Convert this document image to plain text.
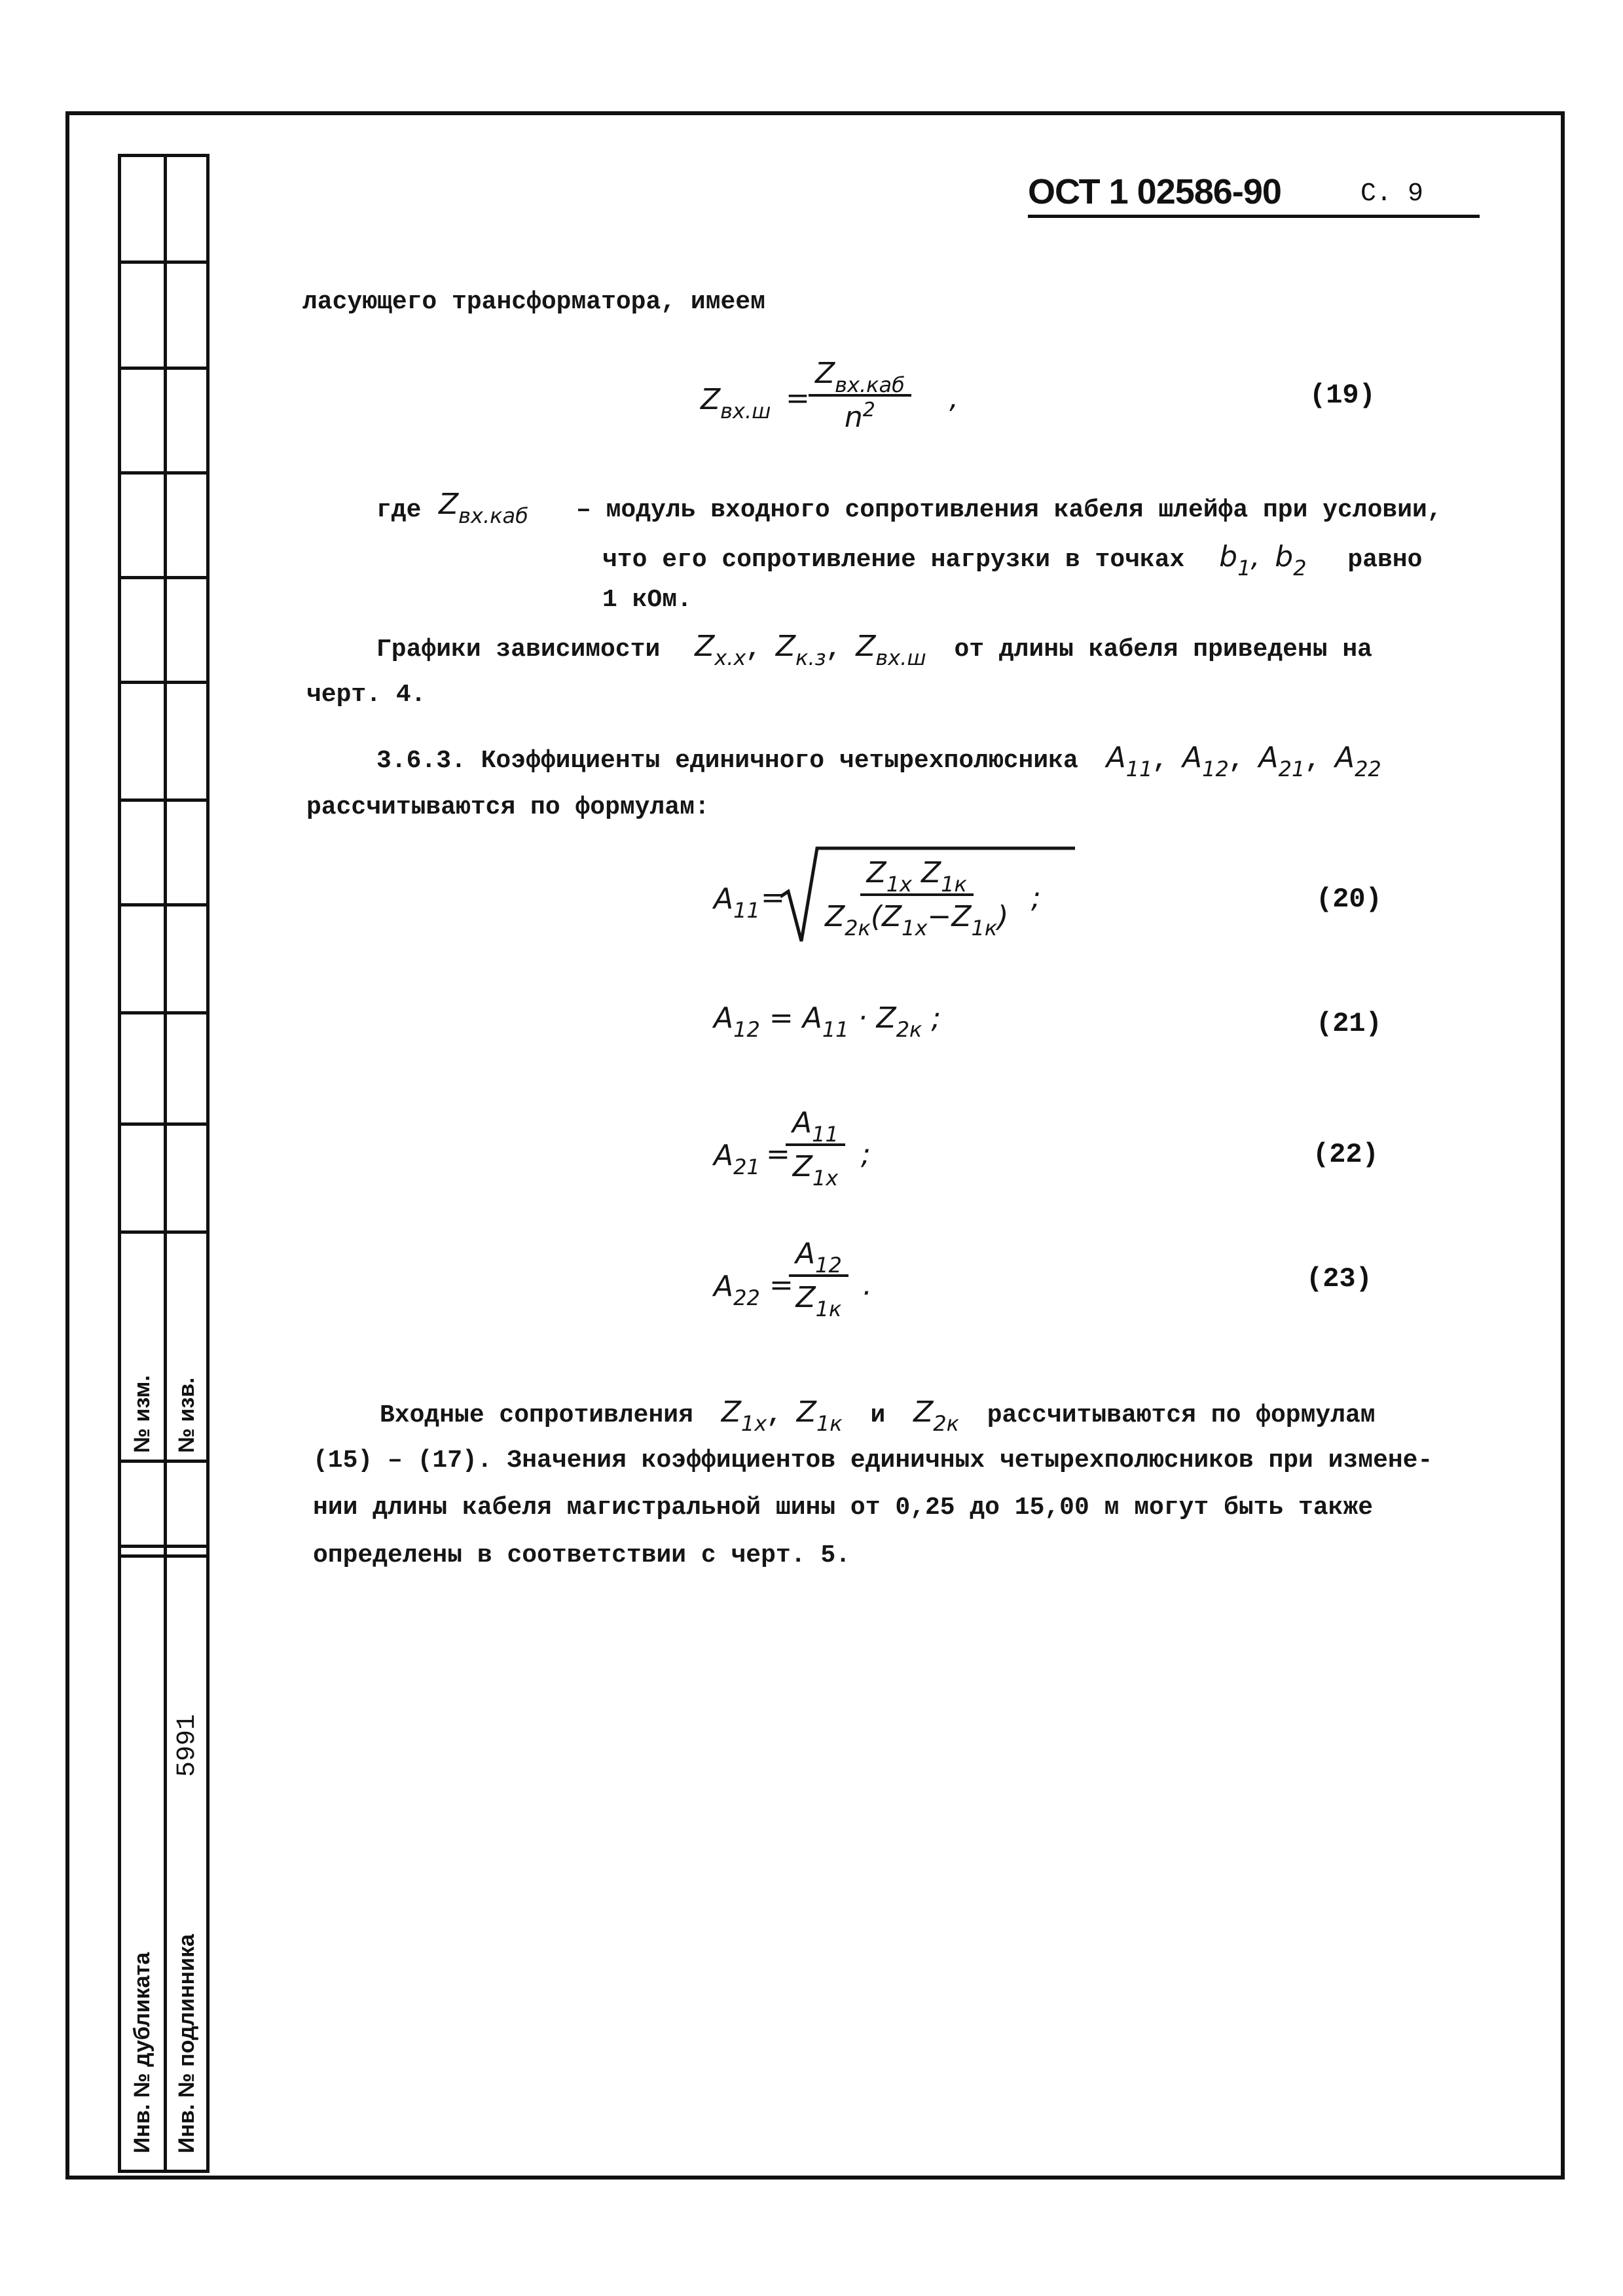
№ изм. № изв.
Инв. № дубликата Инв. № подлинника
5991
ОСТ 1 02586-90	С. 9
ласующего трансформатора, имеем
$Z_{вх.ш}$ =
$Z_{вх.каб}$
$n^2$	,	(19)
где $Z_{вх.каб}$ – модуль входного сопротивления кабеля шлейфа при условии,
что его сопротивление нагрузки в точках $b_1$, $b_2$ равно
1 кОм.
Графики зависимости $Z_{х.х}$, $Z_{к.з}$, $Z_{вх.ш}$ от длины кабеля приведены на
черт. 4.
3.6.3. Коэффициенты единичного четырехполюсника $A_{11}$, $A_{12}$, $A_{21}$, $A_{22}$
рассчитываются по формулам:
$A_{11}$ =
$Z_{1х}$ $Z_{1к}$
$Z_{2к}(Z_{1х}-Z_{1к})$
;	(20)
$A_{12} = A_{11} \cdot Z_{2к}$ ;	(21)
$A_{21}$ =
$A_{11}$
$Z_{1х}$
;	(22)
$A_{22}$ =
$A_{12}$
$Z_{1к}$
.	(23)
Входные сопротивления $Z_{1х}$, $Z_{1к}$ и $Z_{2к}$ рассчитываются по формулам
(15) – (17). Значения коэффициентов единичных четырехполюсников при измене-
нии длины кабеля магистральной шины от 0,25 до 15,00 м могут быть также
определены в соответствии с черт. 5.
